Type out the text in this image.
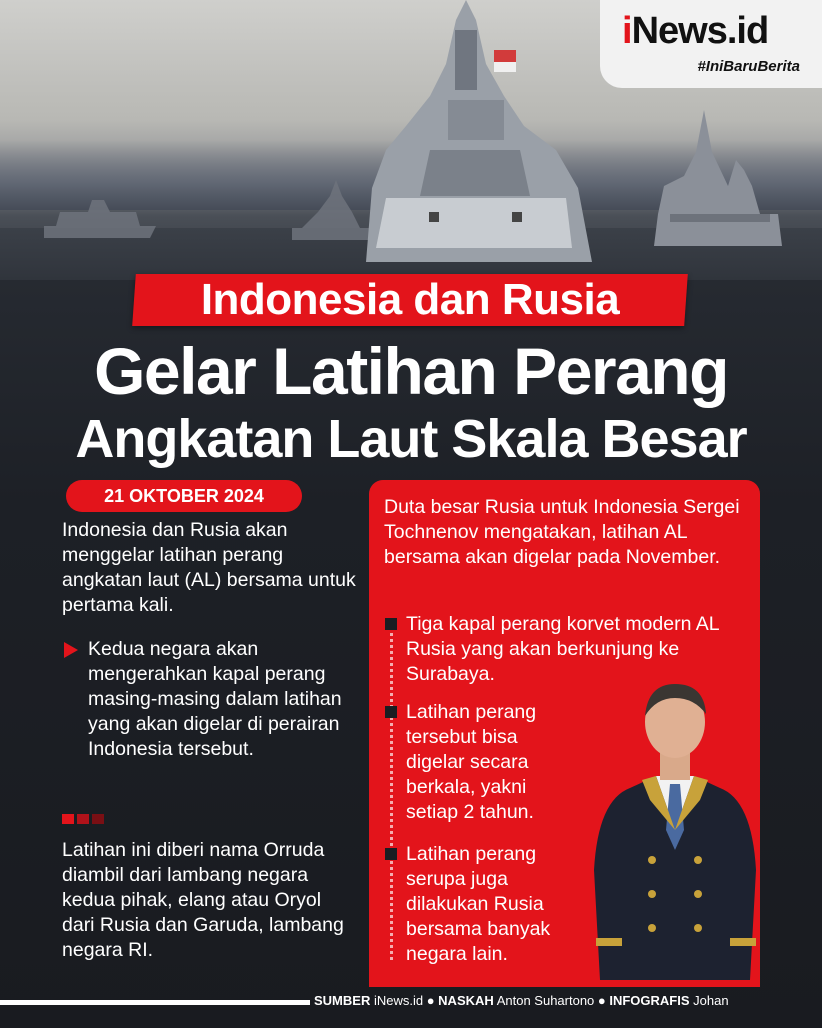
iNews.id
#IniBaruBerita
Indonesia dan Rusia
Gelar Latihan Perang
Angkatan Laut Skala Besar
21 OKTOBER 2024
Indonesia dan Rusia akan menggelar latihan perang angkatan laut (AL) bersama untuk pertama kali.
Kedua negara akan mengerahkan kapal perang masing-masing dalam latihan yang akan digelar di perairan Indonesia tersebut.
Latihan ini diberi nama Orruda diambil dari lambang negara kedua pihak, elang atau Oryol dari Rusia dan Garuda, lambang negara RI.
Duta besar Rusia untuk Indonesia Sergei Tochnenov mengatakan, latihan AL bersama akan digelar pada November.
Tiga kapal perang korvet modern AL Rusia yang akan berkunjung ke Surabaya.
Latihan perang tersebut bisa digelar secara berkala, yakni setiap 2 tahun.
Latihan perang serupa juga dilakukan Rusia bersama banyak negara lain.
SUMBER iNews.id ● NASKAH Anton Suhartono ● INFOGRAFIS Johan
